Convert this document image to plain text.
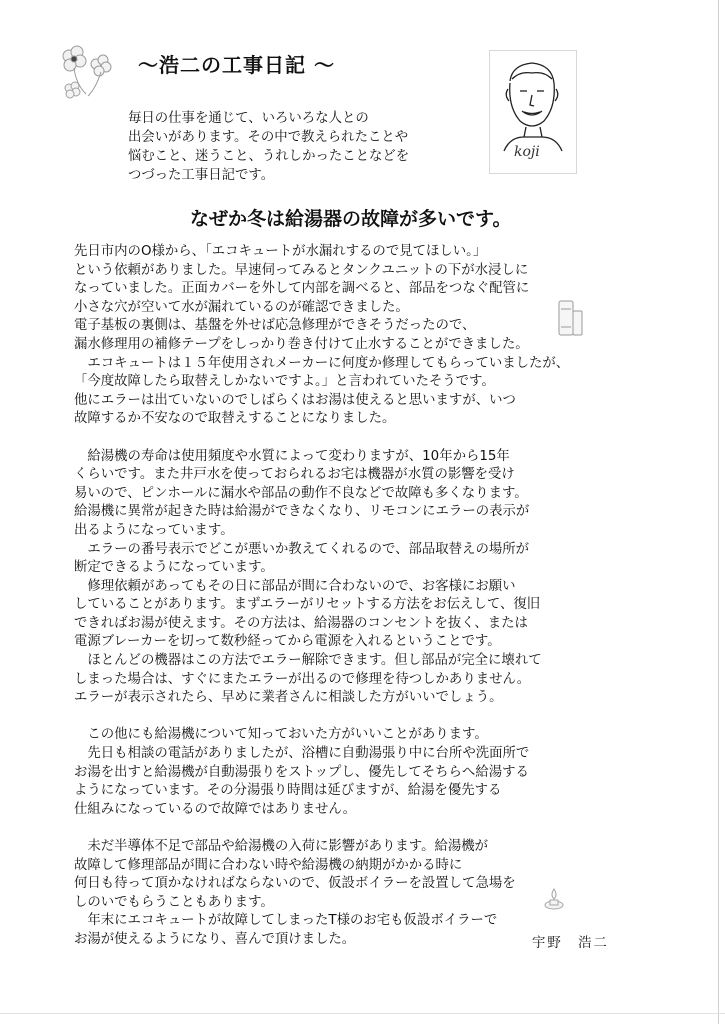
～浩二の工事日記 ～

毎日の仕事を通じて、いろいろな人との

出会いがあります。その中で教えられたことや

悩むこと、迷うこと、うれしかったことなどを

つづった工事日記です。

koji
なぜか冬は給湯器の故障が多いです。

先日市内のO様から、「エコキュートが水漏れするので見てほしい。」

という依頼がありました。早速伺ってみるとタンクユニットの下が水浸しに

なっていました。正面カバーを外して内部を調べると、部品をつなぐ配管に

小さな穴が空いて水が漏れているのが確認できました。

電子基板の裏側は、基盤を外せば応急修理ができそうだったので、

漏水修理用の補修テープをしっかり巻き付けて止水することができました。

　エコキュートは１５年使用されメーカーに何度か修理してもらっていましたが、

「今度故障したら取替えしかないですよ。」と言われていたそうです。

他にエラーは出ていないのでしばらくはお湯は使えると思いますが、いつ

故障するか不安なので取替えすることになりました。

　給湯機の寿命は使用頻度や水質によって変わりますが、10年から15年

くらいです。また井戸水を使っておられるお宅は機器が水質の影響を受け

易いので、ピンホールに漏水や部品の動作不良などで故障も多くなります。

給湯機に異常が起きた時は給湯ができなくなり、リモコンにエラーの表示が

出るようになっています。

　エラーの番号表示でどこが悪いか教えてくれるので、部品取替えの場所が

断定できるようになっています。

　修理依頼があってもその日に部品が間に合わないので、お客様にお願い

していることがあります。まずエラーがリセットする方法をお伝えして、復旧

できればお湯が使えます。その方法は、給湯器のコンセントを抜く、または

電源ブレーカーを切って数秒経ってから電源を入れるということです。

　ほとんどの機器はこの方法でエラー解除できます。但し部品が完全に壊れて

しまった場合は、すぐにまたエラーが出るので修理を待つしかありません。

エラーが表示されたら、早めに業者さんに相談した方がいいでしょう。

　この他にも給湯機について知っておいた方がいいことがあります。

　先日も相談の電話がありましたが、浴槽に自動湯張り中に台所や洗面所で

お湯を出すと給湯機が自動湯張りをストップし、優先してそちらへ給湯する

ようになっています。その分湯張り時間は延びますが、給湯を優先する

仕組みになっているので故障ではありません。

　未だ半導体不足で部品や給湯機の入荷に影響があります。給湯機が

故障して修理部品が間に合わない時や給湯機の納期がかかる時に

何日も待って頂かなければならないので、仮設ボイラーを設置して急場を

しのいでもらうこともあります。

　年末にエコキュートが故障してしまったT様のお宅も仮設ボイラーで

お湯が使えるようになり、喜んで頂けました。	宇野　浩二
